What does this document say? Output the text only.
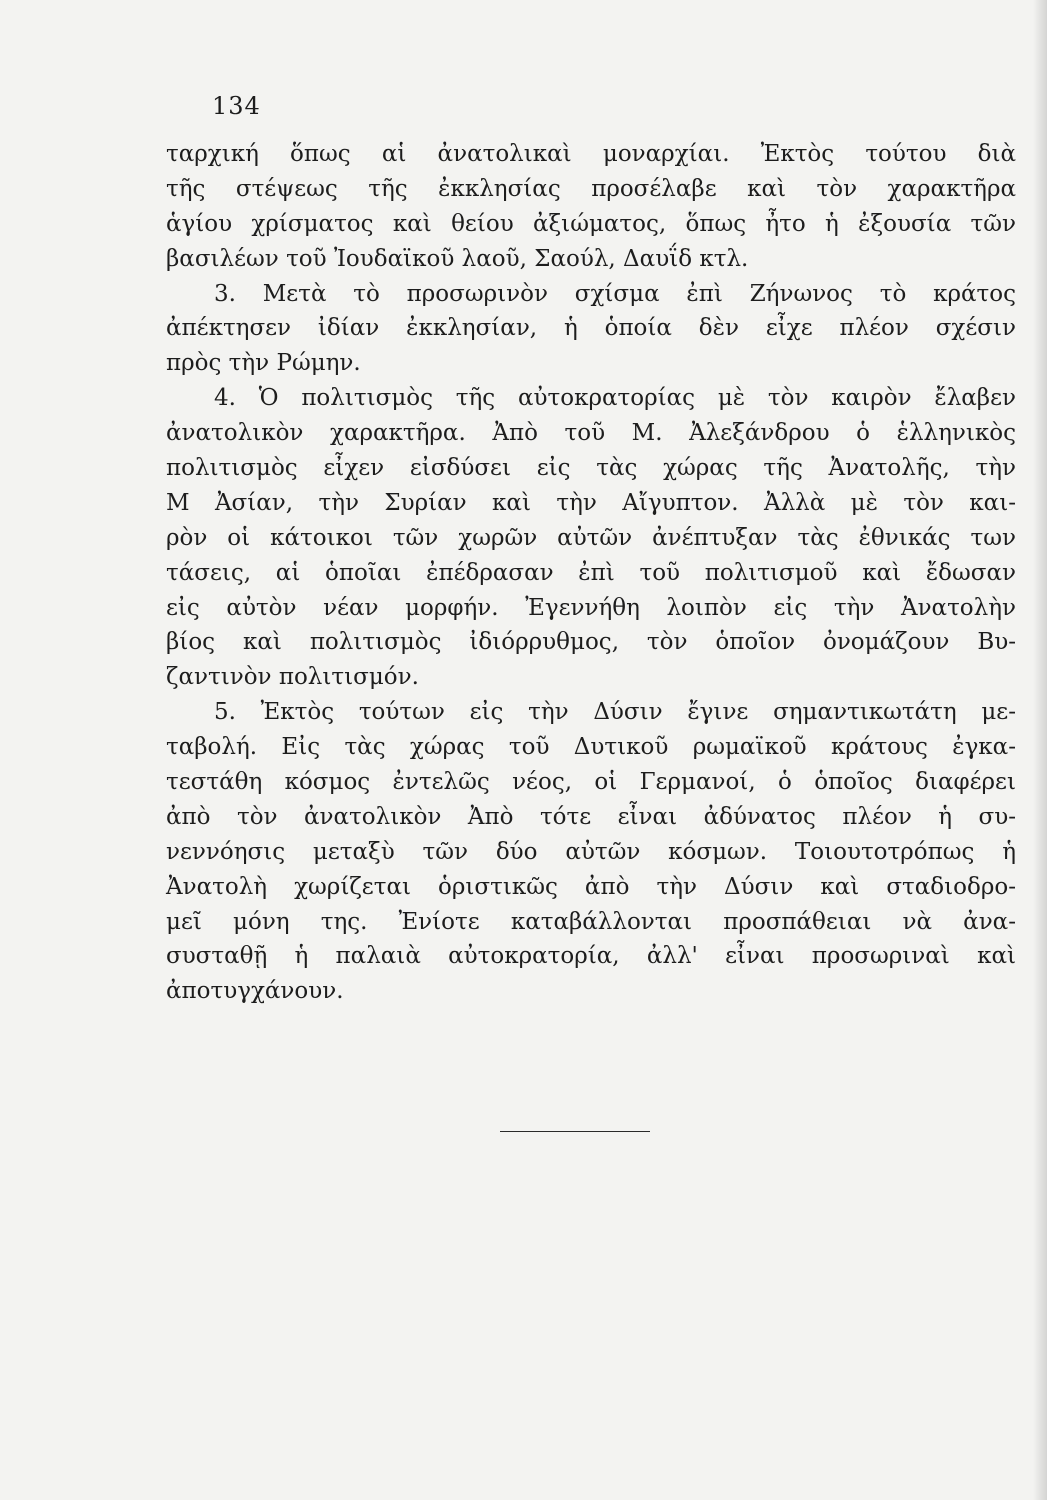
134
ταρχική ὅπως αἱ ἀνατολικαὶ μοναρχίαι. Ἐκτὸς τούτου διὰ
τῆς στέψεως τῆς ἐκκλησίας προσέλαβε καὶ τὸν χαρακτῆρα
ἁγίου χρίσματος καὶ θείου ἀξιώματος, ὅπως ἦτο ἡ ἐξουσία τῶν
βασιλέων τοῦ Ἰουδαϊκοῦ λαοῦ, Σαούλ, Δαυΐδ κτλ.
3. Μετὰ τὸ προσωρινὸν σχίσμα ἐπὶ Ζήνωνος τὸ κράτος
ἀπέκτησεν ἰδίαν ἐκκλησίαν, ἡ ὁποία δὲν εἶχε πλέον σχέσιν
πρὸς τὴν Ρώμην.
4. Ὁ πολιτισμὸς τῆς αὐτοκρατορίας μὲ τὸν καιρὸν ἔλαβεν
ἀνατολικὸν χαρακτῆρα. Ἀπὸ τοῦ Μ. Ἀλεξάνδρου ὁ ἑλληνικὸς
πολιτισμὸς εἶχεν εἰσδύσει εἰς τὰς χώρας τῆς Ἀνατολῆς, τὴν
Μ Ἀσίαν, τὴν Συρίαν καὶ τὴν Αἴγυπτον. Ἀλλὰ μὲ τὸν και-
ρὸν οἱ κάτοικοι τῶν χωρῶν αὐτῶν ἀνέπτυξαν τὰς ἐθνικάς των
τάσεις, αἱ ὁποῖαι ἐπέδρασαν ἐπὶ τοῦ πολιτισμοῦ καὶ ἔδωσαν
εἰς αὐτὸν νέαν μορφήν. Ἐγεννήθη λοιπὸν εἰς τὴν Ἀνατολὴν
βίος καὶ πολιτισμὸς ἰδιόρρυθμος, τὸν ὁποῖον ὀνομάζουν Βυ-
ζαντινὸν πολιτισμόν.
5. Ἐκτὸς τούτων εἰς τὴν Δύσιν ἔγινε σημαντικωτάτη με-
ταβολή. Εἰς τὰς χώρας τοῦ Δυτικοῦ ρωμαϊκοῦ κράτους ἐγκα-
τεστάθη κόσμος ἐντελῶς νέος, οἱ Γερμανοί, ὁ ὁποῖος διαφέρει
ἀπὸ τὸν ἀνατολικὸν Ἀπὸ τότε εἶναι ἀδύνατος πλέον ἡ συ-
νεννόησις μεταξὺ τῶν δύο αὐτῶν κόσμων. Τοιουτοτρόπως ἡ
Ἀνατολὴ χωρίζεται ὁριστικῶς ἀπὸ τὴν Δύσιν καὶ σταδιοδρο-
μεῖ μόνη της. Ἐνίοτε καταβάλλονται προσπάθειαι νὰ ἀνα-
συσταθῇ ἡ παλαιὰ αὐτοκρατορία, ἀλλ' εἶναι προσωριναὶ καὶ
ἀποτυγχάνουν.
